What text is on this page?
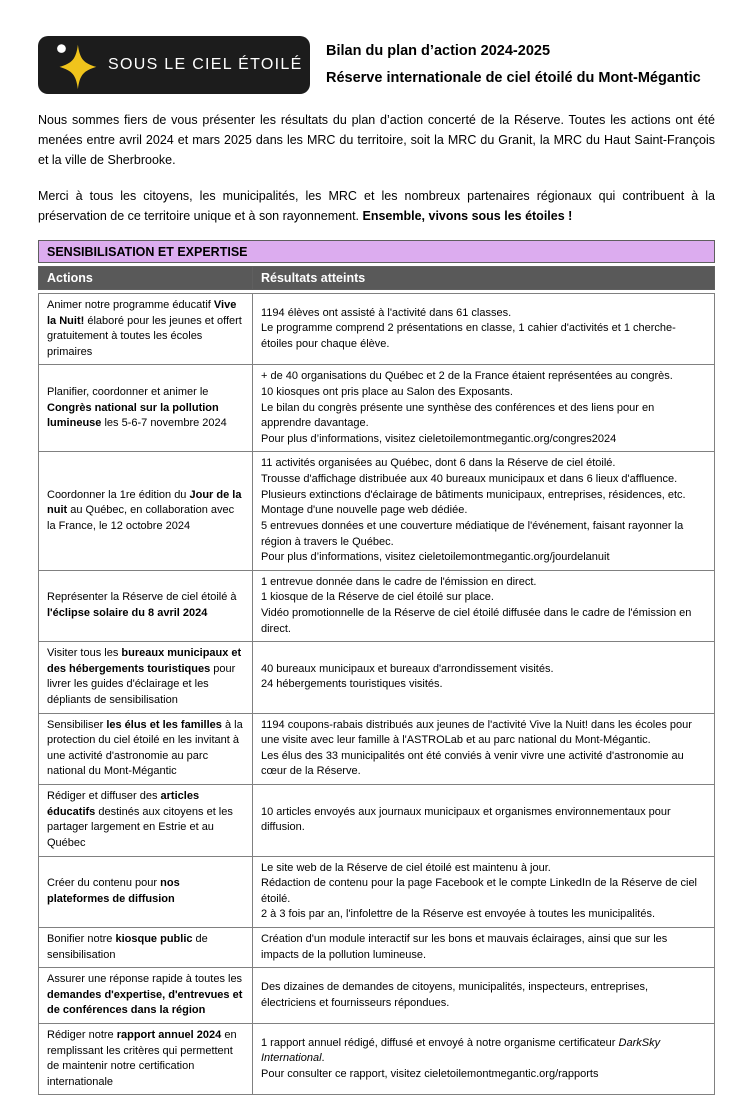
SOUS LE CIEL ÉTOILÉ
Bilan du plan d’action 2024-2025
Réserve internationale de ciel étoilé du Mont-Mégantic

Nous sommes fiers de vous présenter les résultats du plan d’action concerté de la Réserve. Toutes les actions ont été menées entre avril 2024 et mars 2025 dans les MRC du territoire, soit la MRC du Granit, la MRC du Haut Saint-François et la ville de Sherbrooke.

Merci à tous les citoyens, les municipalités, les MRC et les nombreux partenaires régionaux qui contribuent à la préservation de ce territoire unique et à son rayonnement. Ensemble, vivons sous les étoiles !

SENSIBILISATION ET EXPERTISE
Actions	Résultats atteints
Animer notre programme éducatif Vive la Nuit! élaboré pour les jeunes et offert gratuitement à toutes les écoles primaires	1194 élèves ont assisté à l'activité dans 61 classes.
Le programme comprend 2 présentations en classe, 1 cahier d'activités et 1 cherche-étoiles pour chaque élève.

Planifier, coordonner et animer le Congrès national sur la pollution lumineuse les 5-6-7 novembre 2024	+ de 40 organisations du Québec et 2 de la France étaient représentées au congrès.
10 kiosques ont pris place au Salon des Exposants.
Le bilan du congrès présente une synthèse des conférences et des liens pour en apprendre davantage.
Pour plus d’informations, visitez cieletoilemontmegantic.org/congres2024

Coordonner la 1re édition du Jour de la nuit au Québec, en collaboration avec la France, le 12 octobre 2024	
11 activités organisées au Québec, dont 6 dans la Réserve de ciel étoilé.
Trousse d'affichage distribuée aux 40 bureaux municipaux et dans 6 lieux d'affluence.
Plusieurs extinctions d'éclairage de bâtiments municipaux, entreprises, résidences, etc.
Montage d'une nouvelle page web dédiée.
5 entrevues données et une couverture médiatique de l'événement, faisant rayonner la région à travers le Québec.
Pour plus d’informations, visitez cieletoilemontmegantic.org/jourdelanuit

Représenter la Réserve de ciel étoilé à l'éclipse solaire du 8 avril 2024	1 entrevue donnée dans le cadre de l'émission en direct.
1 kiosque de la Réserve de ciel étoilé sur place.
Vidéo promotionnelle de la Réserve de ciel étoilé diffusée dans le cadre de l'émission en direct.

Visiter tous les bureaux municipaux et des hébergements touristiques pour livrer les guides d'éclairage et les dépliants de sensibilisation	40 bureaux municipaux et bureaux d'arrondissement visités.
24 hébergements touristiques visités.

Sensibiliser les élus et les familles à la protection du ciel étoilé en les invitant à une activité d'astronomie au parc national du Mont-Mégantic	1194 coupons-rabais distribués aux jeunes de l'activité Vive la Nuit! dans les écoles pour une visite avec leur famille à l'ASTROLab et au parc national du Mont-Mégantic.
Les élus des 33 municipalités ont été conviés à venir vivre une activité d'astronomie au cœur de la Réserve.

Rédiger et diffuser des articles éducatifs destinés aux citoyens et les partager largement en Estrie et au Québec	10 articles envoyés aux journaux municipaux et organismes environnementaux pour diffusion.

Créer du contenu pour nos plateformes de diffusion	Le site web de la Réserve de ciel étoilé est maintenu à jour.
Rédaction de contenu pour la page Facebook et le compte LinkedIn de la Réserve de ciel étoilé.
2 à 3 fois par an, l'infolettre de la Réserve est envoyée à toutes les municipalités.

Bonifier notre kiosque public de sensibilisation	Création d'un module interactif sur les bons et mauvais éclairages, ainsi que sur les impacts de la pollution lumineuse.

Assurer une réponse rapide à toutes les demandes d'expertise, d'entrevues et de conférences dans la région	Des dizaines de demandes de citoyens, municipalités, inspecteurs, entreprises, électriciens et fournisseurs répondues.

Rédiger notre rapport annuel 2024 en remplissant les critères qui permettent de maintenir notre certification internationale	1 rapport annuel rédigé, diffusé et envoyé à notre organisme certificateur DarkSky International.
Pour consulter ce rapport, visitez cieletoilemontmegantic.org/rapports
